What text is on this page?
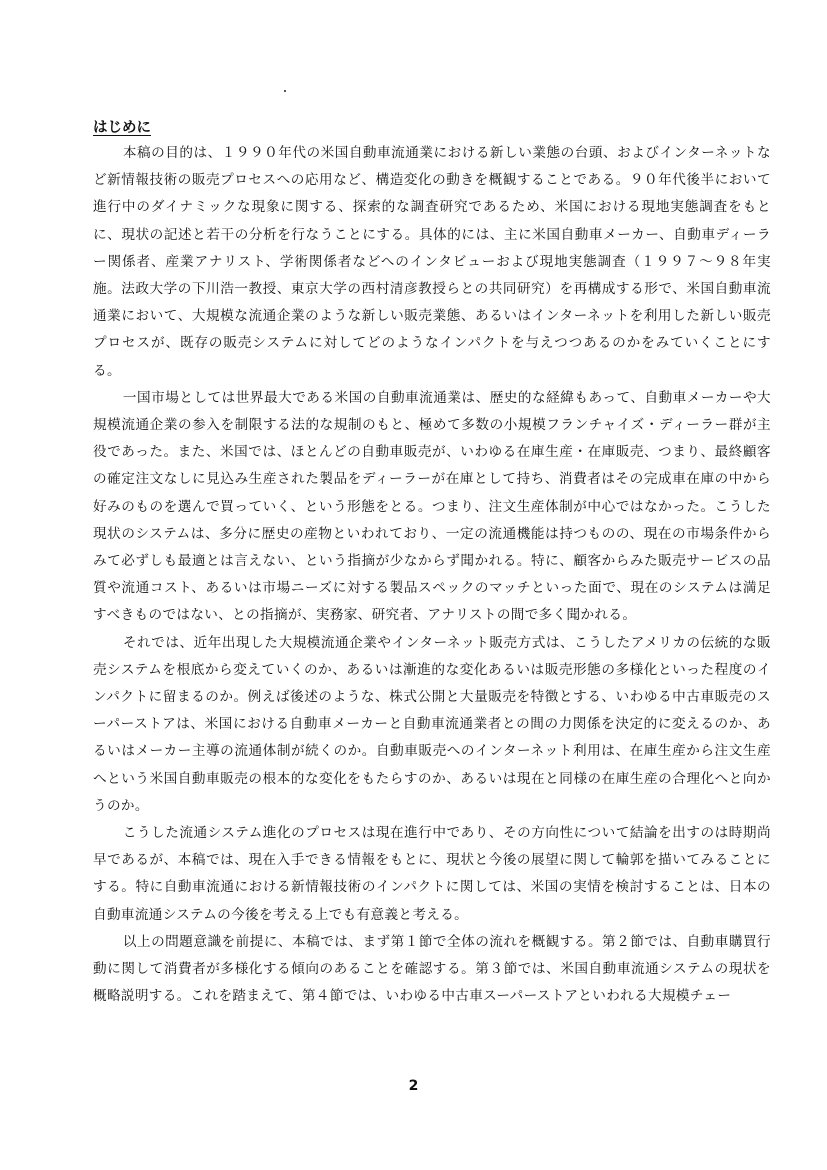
はじめに

本稿の目的は、１９９０年代の米国自動車流通業における新しい業態の台頭、およびインターネットなど新情報技術の販売プロセスへの応用など、構造変化の動きを概観することである。９０年代後半において進行中のダイナミックな現象に関する、探索的な調査研究であるため、米国における現地実態調査をもとに、現状の記述と若干の分析を行なうことにする。具体的には、主に米国自動車メーカー、自動車ディーラー関係者、産業アナリスト、学術関係者などへのインタビューおよび現地実態調査（１９９７～９８年実施。法政大学の下川浩一教授、東京大学の西村清彦教授らとの共同研究）を再構成する形で、米国自動車流通業において、大規模な流通企業のような新しい販売業態、あるいはインターネットを利用した新しい販売プロセスが、既存の販売システムに対してどのようなインパクトを与えつつあるのかをみていくことにする。

一国市場としては世界最大である米国の自動車流通業は、歴史的な経緯もあって、自動車メーカーや大規模流通企業の参入を制限する法的な規制のもと、極めて多数の小規模フランチャイズ・ディーラー群が主役であった。また、米国では、ほとんどの自動車販売が、いわゆる在庫生産・在庫販売、つまり、最終顧客の確定注文なしに見込み生産された製品をディーラーが在庫として持ち、消費者はその完成車在庫の中から好みのものを選んで買っていく、という形態をとる。つまり、注文生産体制が中心ではなかった。こうした現状のシステムは、多分に歴史の産物といわれており、一定の流通機能は持つものの、現在の市場条件からみて必ずしも最適とは言えない、という指摘が少なからず聞かれる。特に、顧客からみた販売サービスの品質や流通コスト、あるいは市場ニーズに対する製品スペックのマッチといった面で、現在のシステムは満足すべきものではない、との指摘が、実務家、研究者、アナリストの間で多く聞かれる。

それでは、近年出現した大規模流通企業やインターネット販売方式は、こうしたアメリカの伝統的な販売システムを根底から変えていくのか、あるいは漸進的な変化あるいは販売形態の多様化といった程度のインパクトに留まるのか。例えば後述のような、株式公開と大量販売を特徴とする、いわゆる中古車販売のスーパーストアは、米国における自動車メーカーと自動車流通業者との間の力関係を決定的に変えるのか、あるいはメーカー主導の流通体制が続くのか。自動車販売へのインターネット利用は、在庫生産から注文生産へという米国自動車販売の根本的な変化をもたらすのか、あるいは現在と同様の在庫生産の合理化へと向かうのか。

こうした流通システム進化のプロセスは現在進行中であり、その方向性について結論を出すのは時期尚早であるが、本稿では、現在入手できる情報をもとに、現状と今後の展望に関して輪郭を描いてみることにする。特に自動車流通における新情報技術のインパクトに関しては、米国の実情を検討することは、日本の自動車流通システムの今後を考える上でも有意義と考える。

以上の問題意識を前提に、本稿では、まず第１節で全体の流れを概観する。第２節では、自動車購買行動に関して消費者が多様化する傾向のあることを確認する。第３節では、米国自動車流通システムの現状を概略説明する。これを踏まえて、第４節では、いわゆる中古車スーパーストアといわれる大規模チェー

2
